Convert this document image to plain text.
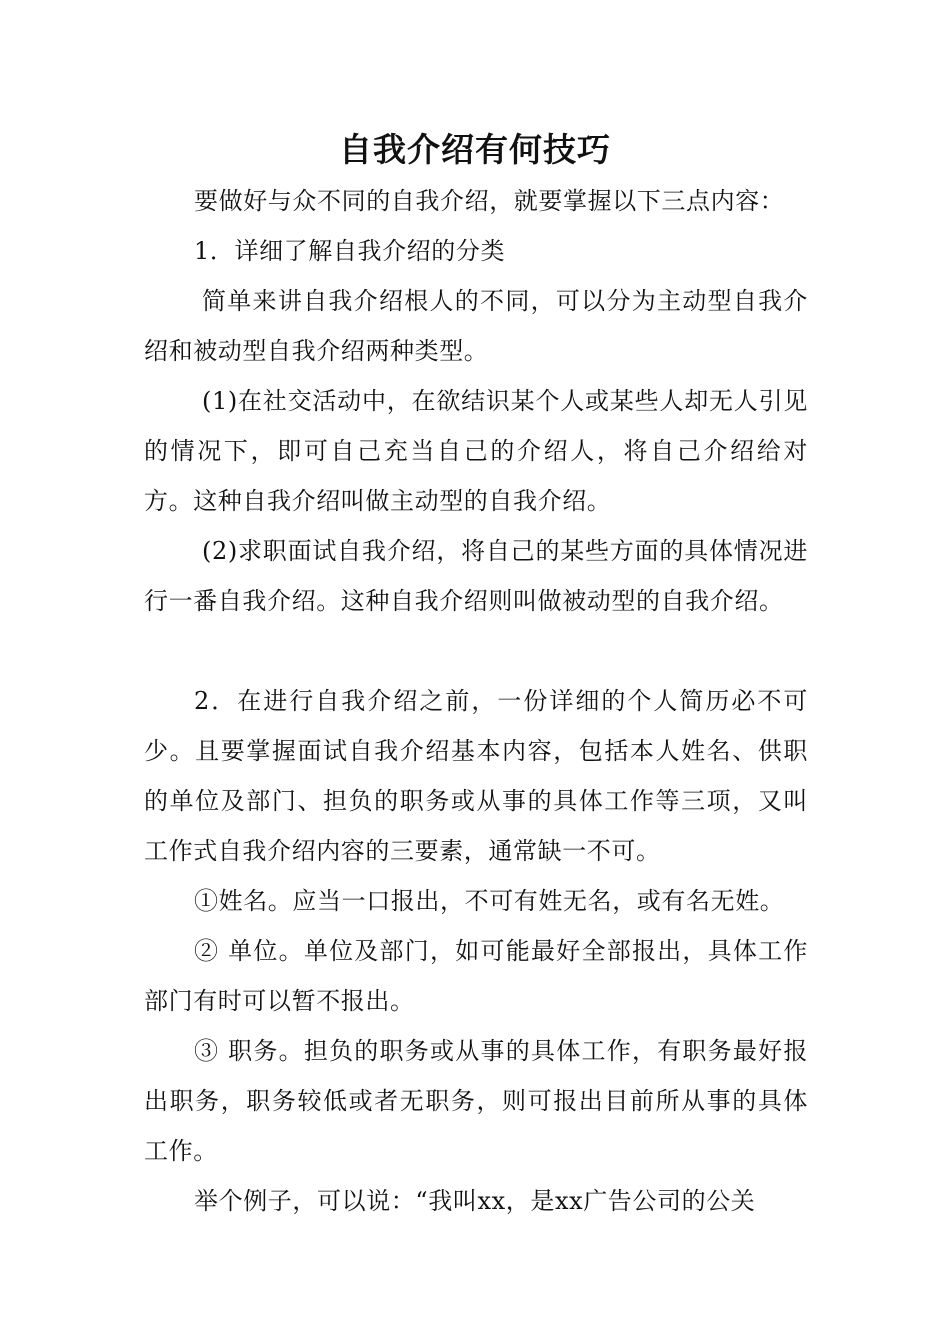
自我介绍有何技巧
要做好与众不同的自我介绍，就要掌握以下三点内容：
1．详细了解自我介绍的分类
简单来讲自我介绍根人的不同，可以分为主动型自我介绍和被动型自我介绍两种类型。
(1)在社交活动中，在欲结识某个人或某些人却无人引见的情况下，即可自己充当自己的介绍人，将自己介绍给对方。这种自我介绍叫做主动型的自我介绍。
(2)求职面试自我介绍，将自己的某些方面的具体情况进行一番自我介绍。这种自我介绍则叫做被动型的自我介绍。
2．在进行自我介绍之前，一份详细的个人简历必不可少。且要掌握面试自我介绍基本内容，包括本人姓名、供职的单位及部门、担负的职务或从事的具体工作等三项，又叫工作式自我介绍内容的三要素，通常缺一不可。
①姓名。应当一口报出，不可有姓无名，或有名无姓。
② 单位。单位及部门，如可能最好全部报出，具体工作部门有时可以暂不报出。
③ 职务。担负的职务或从事的具体工作，有职务最好报出职务，职务较低或者无职务，则可报出目前所从事的具体工作。
举个例子，可以说：“我叫xx，是xx广告公司的公关
